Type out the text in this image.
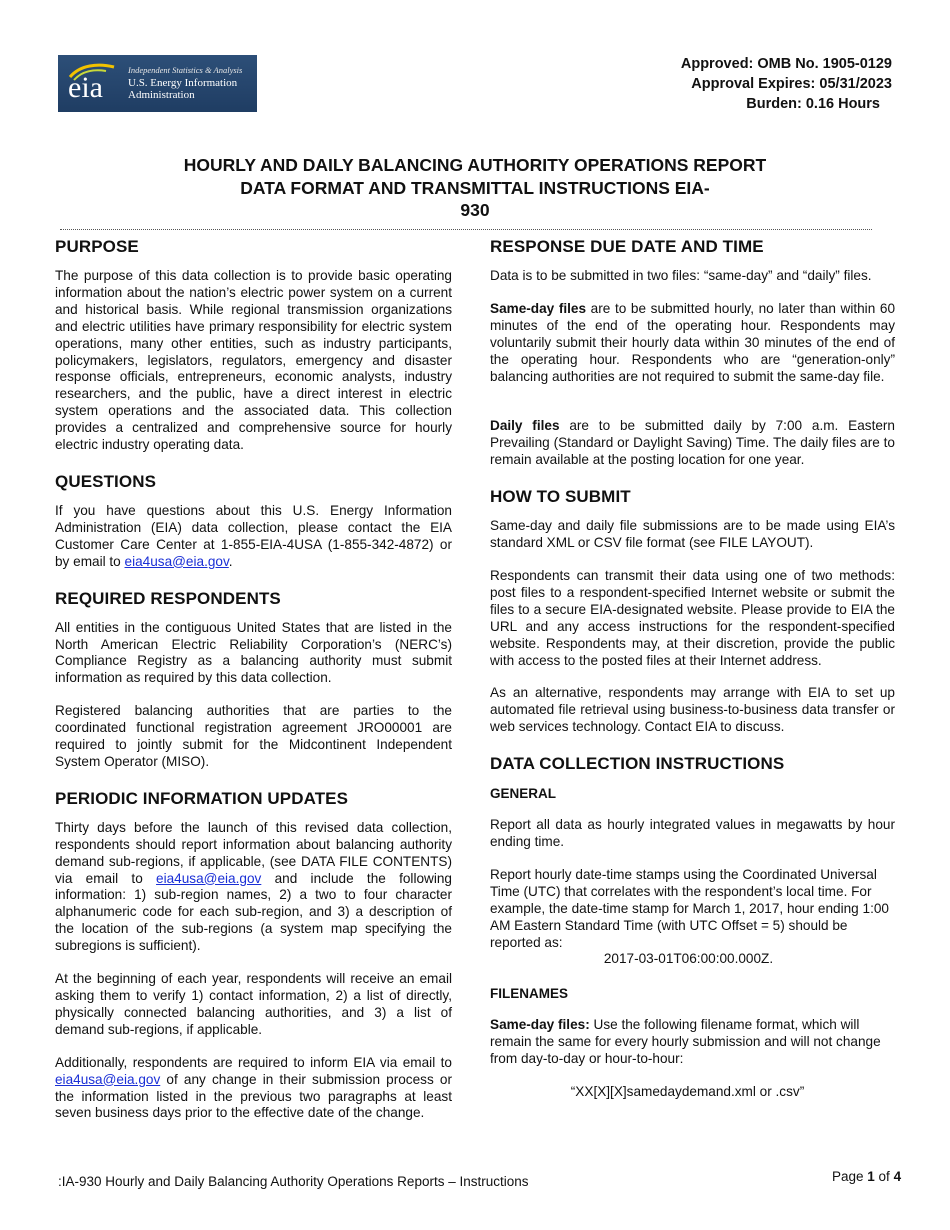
eia
Independent Statistics & Analysis
U.S. Energy Information Administration
Approved: OMB No. 1905-0129
Approval Expires: 05/31/2023
Burden: 0.16 Hours
HOURLY AND DAILY BALANCING AUTHORITY OPERATIONS REPORT
DATA FORMAT AND TRANSMITTAL INSTRUCTIONS EIA-
930
PURPOSE

The purpose of this data collection is to provide basic operating information about the nation’s electric power system on a current and historical basis. While regional transmission organizations and electric utilities have primary responsibility for electric system operations, many other entities, such as industry participants, policymakers, legislators, regulators, emergency and disaster response officials, entrepreneurs, economic analysts, industry researchers, and the public, have a direct interest in electric system operations and the associated data. This collection provides a centralized and comprehensive source for hourly electric industry operating data.

QUESTIONS

If you have questions about this U.S. Energy Information Administration (EIA) data collection, please contact the EIA Customer Care Center at 1-855-EIA-4USA (1-855-342-4872) or by email to eia4usa@eia.gov.

REQUIRED RESPONDENTS

All entities in the contiguous United States that are listed in the North American Electric Reliability Corporation’s (NERC’s) Compliance Registry as a balancing authority must submit information as required by this data collection.

Registered balancing authorities that are parties to the coordinated functional registration agreement JRO00001 are required to jointly submit for the Midcontinent Independent System Operator (MISO).

PERIODIC INFORMATION UPDATES

Thirty days before the launch of this revised data collection, respondents should report information about balancing authority demand sub-regions, if applicable, (see DATA FILE CONTENTS) via email to eia4usa@eia.gov and include the following information: 1) sub-region names, 2) a two to four character alphanumeric code for each sub-region, and 3) a description of the location of the sub-regions (a system map specifying the subregions is sufficient).

At the beginning of each year, respondents will receive an email asking them to verify 1) contact information, 2) a list of directly, physically connected balancing authorities, and 3) a list of demand sub-regions, if applicable.

Additionally, respondents are required to inform EIA via email to eia4usa@eia.gov of any change in their submission process or the information listed in the previous two paragraphs at least seven business days prior to the effective date of the change.

RESPONSE DUE DATE AND TIME

Data is to be submitted in two files: “same-day” and “daily” files.

Same-day files are to be submitted hourly, no later than within 60 minutes of the end of the operating hour. Respondents may voluntarily submit their hourly data within 30 minutes of the end of the operating hour. Respondents who are “generation-only” balancing authorities are not required to submit the same-day file.

Daily files are to be submitted daily by 7:00 a.m. Eastern Prevailing (Standard or Daylight Saving) Time. The daily files are to remain available at the posting location for one year.

HOW TO SUBMIT

Same-day and daily file submissions are to be made using EIA’s standard XML or CSV file format (see FILE LAYOUT).

Respondents can transmit their data using one of two methods: post files to a respondent-specified Internet website or submit the files to a secure EIA-designated website. Please provide to EIA the URL and any access instructions for the respondent-specified website. Respondents may, at their discretion, provide the public with access to the posted files at their Internet address.

As an alternative, respondents may arrange with EIA to set up automated file retrieval using business-to-business data transfer or web services technology. Contact EIA to discuss.

DATA COLLECTION INSTRUCTIONS
GENERAL

Report all data as hourly integrated values in megawatts by hour ending time.

Report hourly date-time stamps using the Coordinated Universal Time (UTC) that correlates with the respondent’s local time. For example, the date-time stamp for March 1, 2017, hour ending 1:00 AM Eastern Standard Time (with UTC Offset = 5) should be reported as:

2017-03-01T06:00:00.000Z.

FILENAMES

Same-day files: Use the following filename format, which will remain the same for every hourly submission and will not change from day-to-day or hour-to-hour:

“XX[X][X]samedaydemand.xml or .csv”

:IA-930 Hourly and Daily Balancing Authority Operations Reports – Instructions	Page 1 of 4
